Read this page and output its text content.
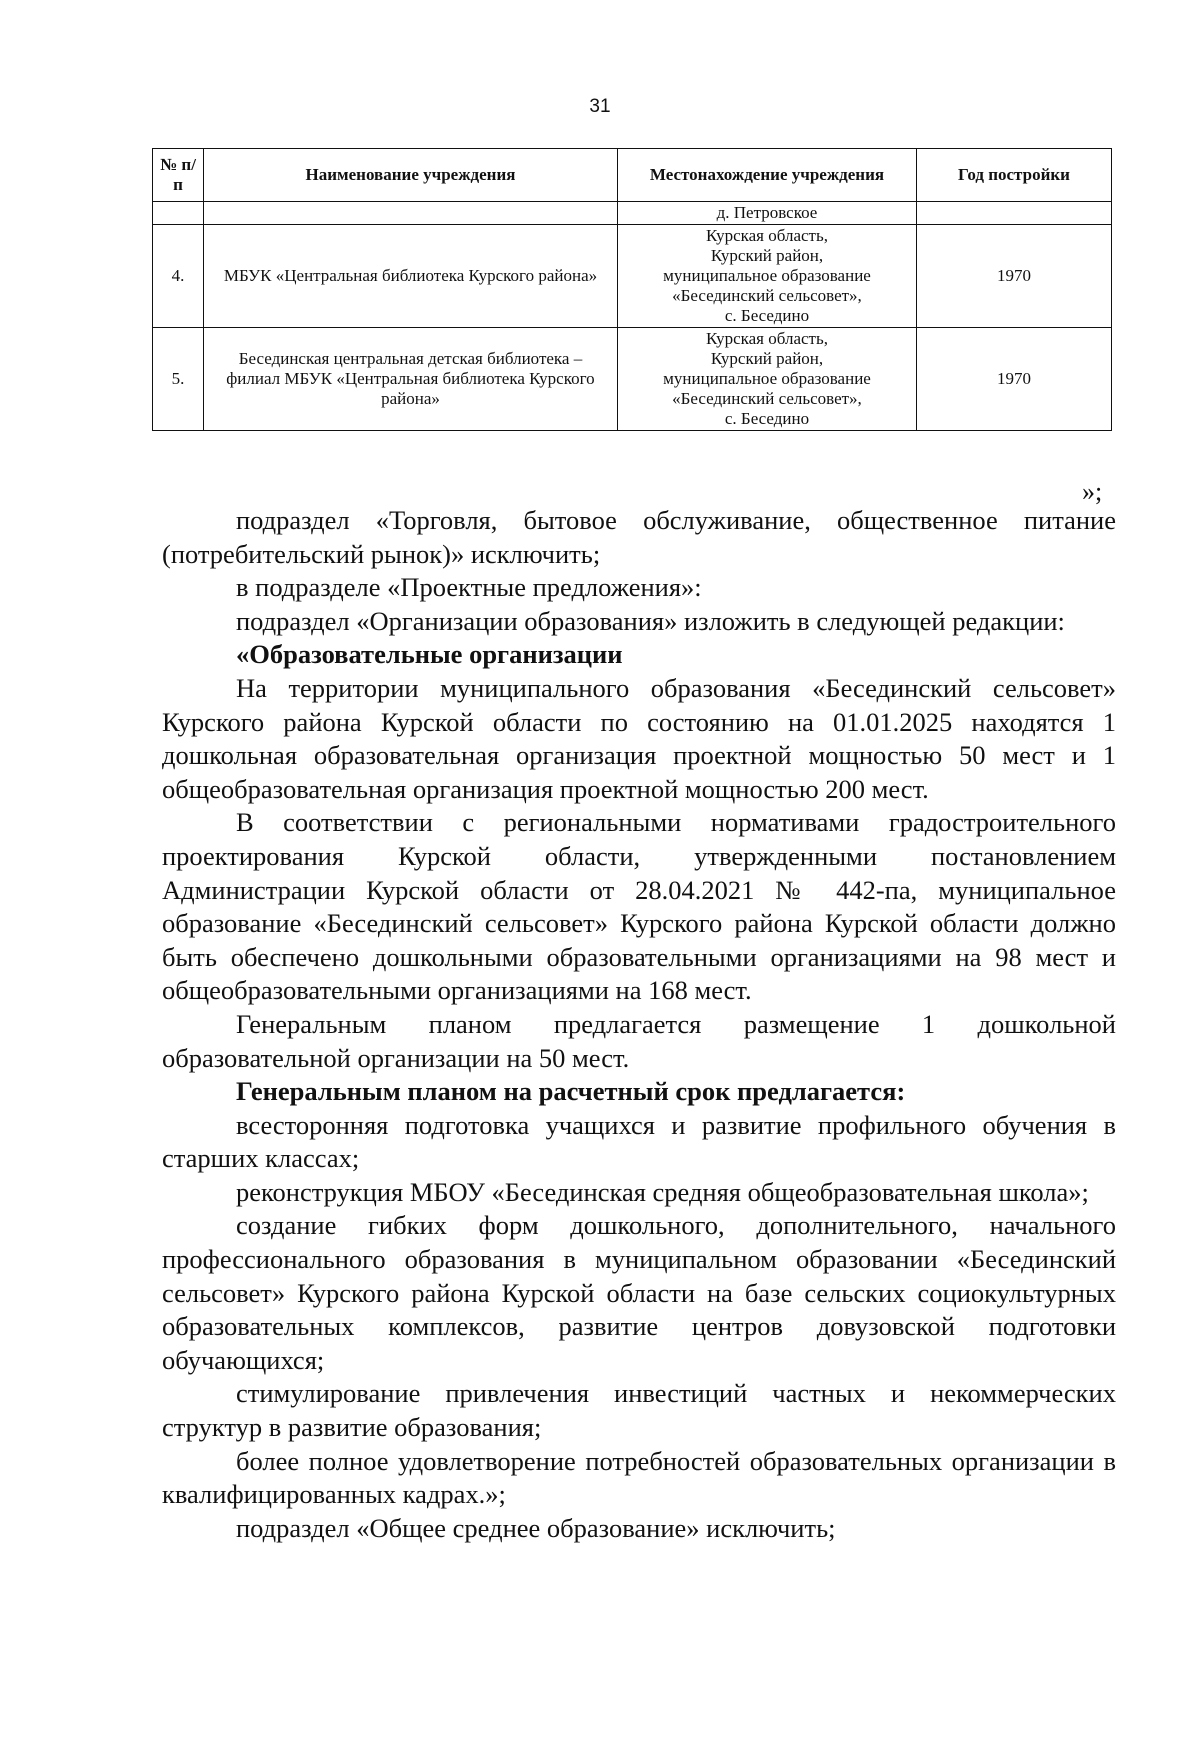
31
№ п/п	Наименование учреждения	Местонахождение учреждения	Год постройки
		д. Петровское	
4.	МБУК «Центральная библиотека Курского района»	Курская область,
Курский район,
муниципальное образование
«Бесединский сельсовет»,
с. Беседино	1970
5.	Бесединская центральная детская библиотека – филиал МБУК «Центральная библиотека Курского района»	Курская область,
Курский район,
муниципальное образование
«Бесединский сельсовет»,
с. Беседино	1970
»;

подраздел «Торговля, бытовое обслуживание, общественное питание (потребительский рынок)» исключить;

в подразделе «Проектные предложения»:

подраздел «Организации образования» изложить в следующей редакции:

«Образовательные организации

На территории муниципального образования «Бесединский сельсовет» Курского района Курской области по состоянию на 01.01.2025 находятся 1 дошкольная образовательная организация проектной мощностью 50 мест и 1 общеобразовательная организация проектной мощностью 200 мест.

В соответствии с региональными нормативами градостроительного проектирования Курской области, утвержденными постановлением Администрации Курской области от 28.04.2021 № 442-па, муниципальное образование «Бесединский сельсовет» Курского района Курской области должно быть обеспечено дошкольными образовательными организациями на 98 мест и общеобразовательными организациями на 168 мест.

Генеральным планом предлагается размещение 1 дошкольной образовательной организации на 50 мест.

Генеральным планом на расчетный срок предлагается:

всесторонняя подготовка учащихся и развитие профильного обучения в старших классах;

реконструкция МБОУ «Бесединская средняя общеобразовательная школа»;

создание гибких форм дошкольного, дополнительного, начального профессионального образования в муниципальном образовании «Бесединский сельсовет» Курского района Курской области на базе сельских социокультурных образовательных комплексов, развитие центров довузовской подготовки обучающихся;

стимулирование привлечения инвестиций частных и некоммерческих структур в развитие образования;

более полное удовлетворение потребностей образовательных организации в квалифицированных кадрах.»;

подраздел «Общее среднее образование» исключить;
